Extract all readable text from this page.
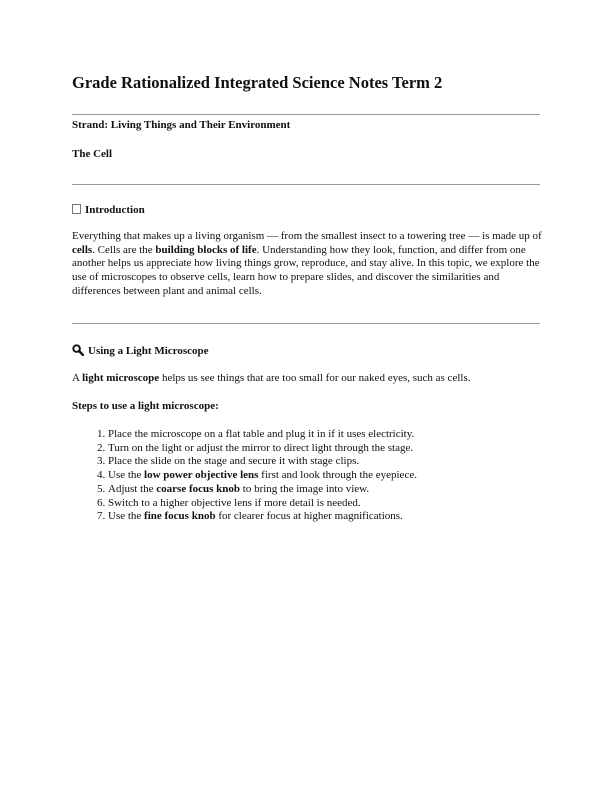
Grade Rationalized Integrated Science Notes Term 2

Strand: Living Things and Their Environment

The Cell

Introduction

Everything that makes up a living organism — from the smallest insect to a towering tree — is made up of cells. Cells are the building blocks of life. Understanding how they look, function, and differ from one another helps us appreciate how living things grow, reproduce, and stay alive. In this topic, we explore the use of microscopes to observe cells, learn how to prepare slides, and discover the similarities and differences between plant and animal cells.

Using a Light Microscope

A light microscope helps us see things that are too small for our naked eyes, such as cells.

Steps to use a light microscope:

1. Place the microscope on a flat table and plug it in if it uses electricity.
2. Turn on the light or adjust the mirror to direct light through the stage.
3. Place the slide on the stage and secure it with stage clips.
4. Use the low power objective lens first and look through the eyepiece.
5. Adjust the coarse focus knob to bring the image into view.
6. Switch to a higher objective lens if more detail is needed.
7. Use the fine focus knob for clearer focus at higher magnifications.
